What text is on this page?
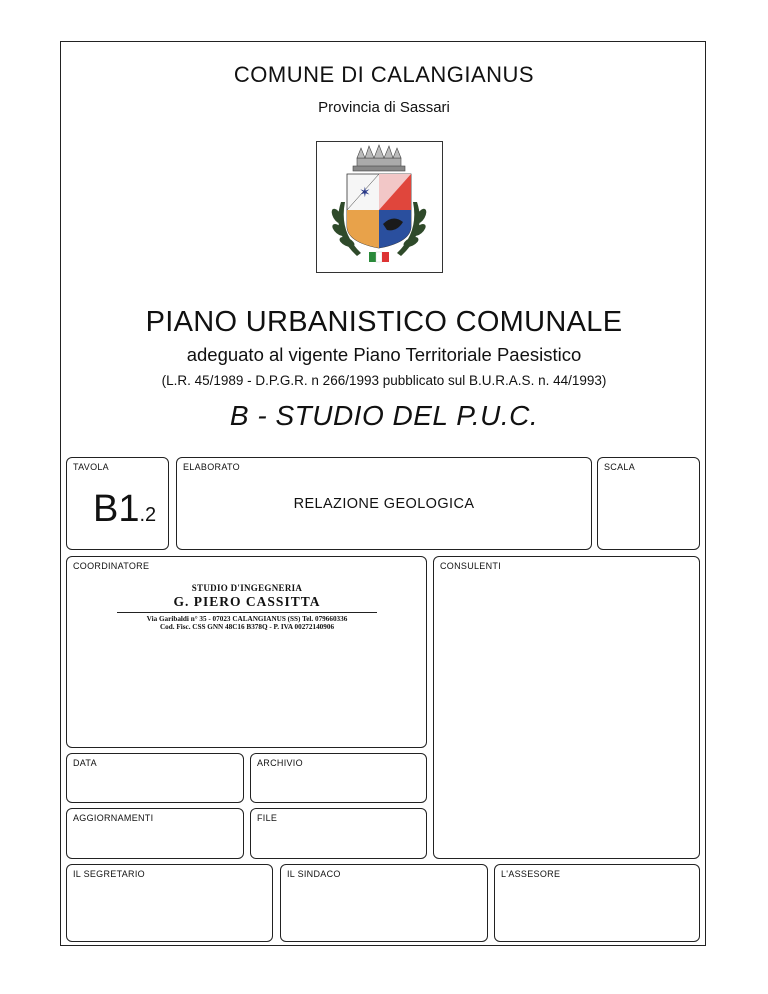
COMUNE DI CALANGIANUS
Provincia di Sassari
✶
PIANO URBANISTICO COMUNALE
adeguato al vigente Piano Territoriale Paesistico
(L.R. 45/1989 - D.P.G.R. n 266/1993 pubblicato sul B.U.R.A.S. n. 44/1993)
B - STUDIO DEL P.U.C.
TAVOLA
B1.2
ELABORATO
RELAZIONE GEOLOGICA
SCALA
COORDINATORE
STUDIO D'INGEGNERIA
G. PIERO CASSITTA
Via Garibaldi n° 35 - 07023 CALANGIANUS (SS) Tel. 079660336
Cod. Fisc. CSS GNN 48C16 B378Q - P. IVA 00272140906
CONSULENTI
DATA	ARCHIVIO
AGGIORNAMENTI	FILE
IL SEGRETARIO	IL SINDACO	L'ASSESORE
